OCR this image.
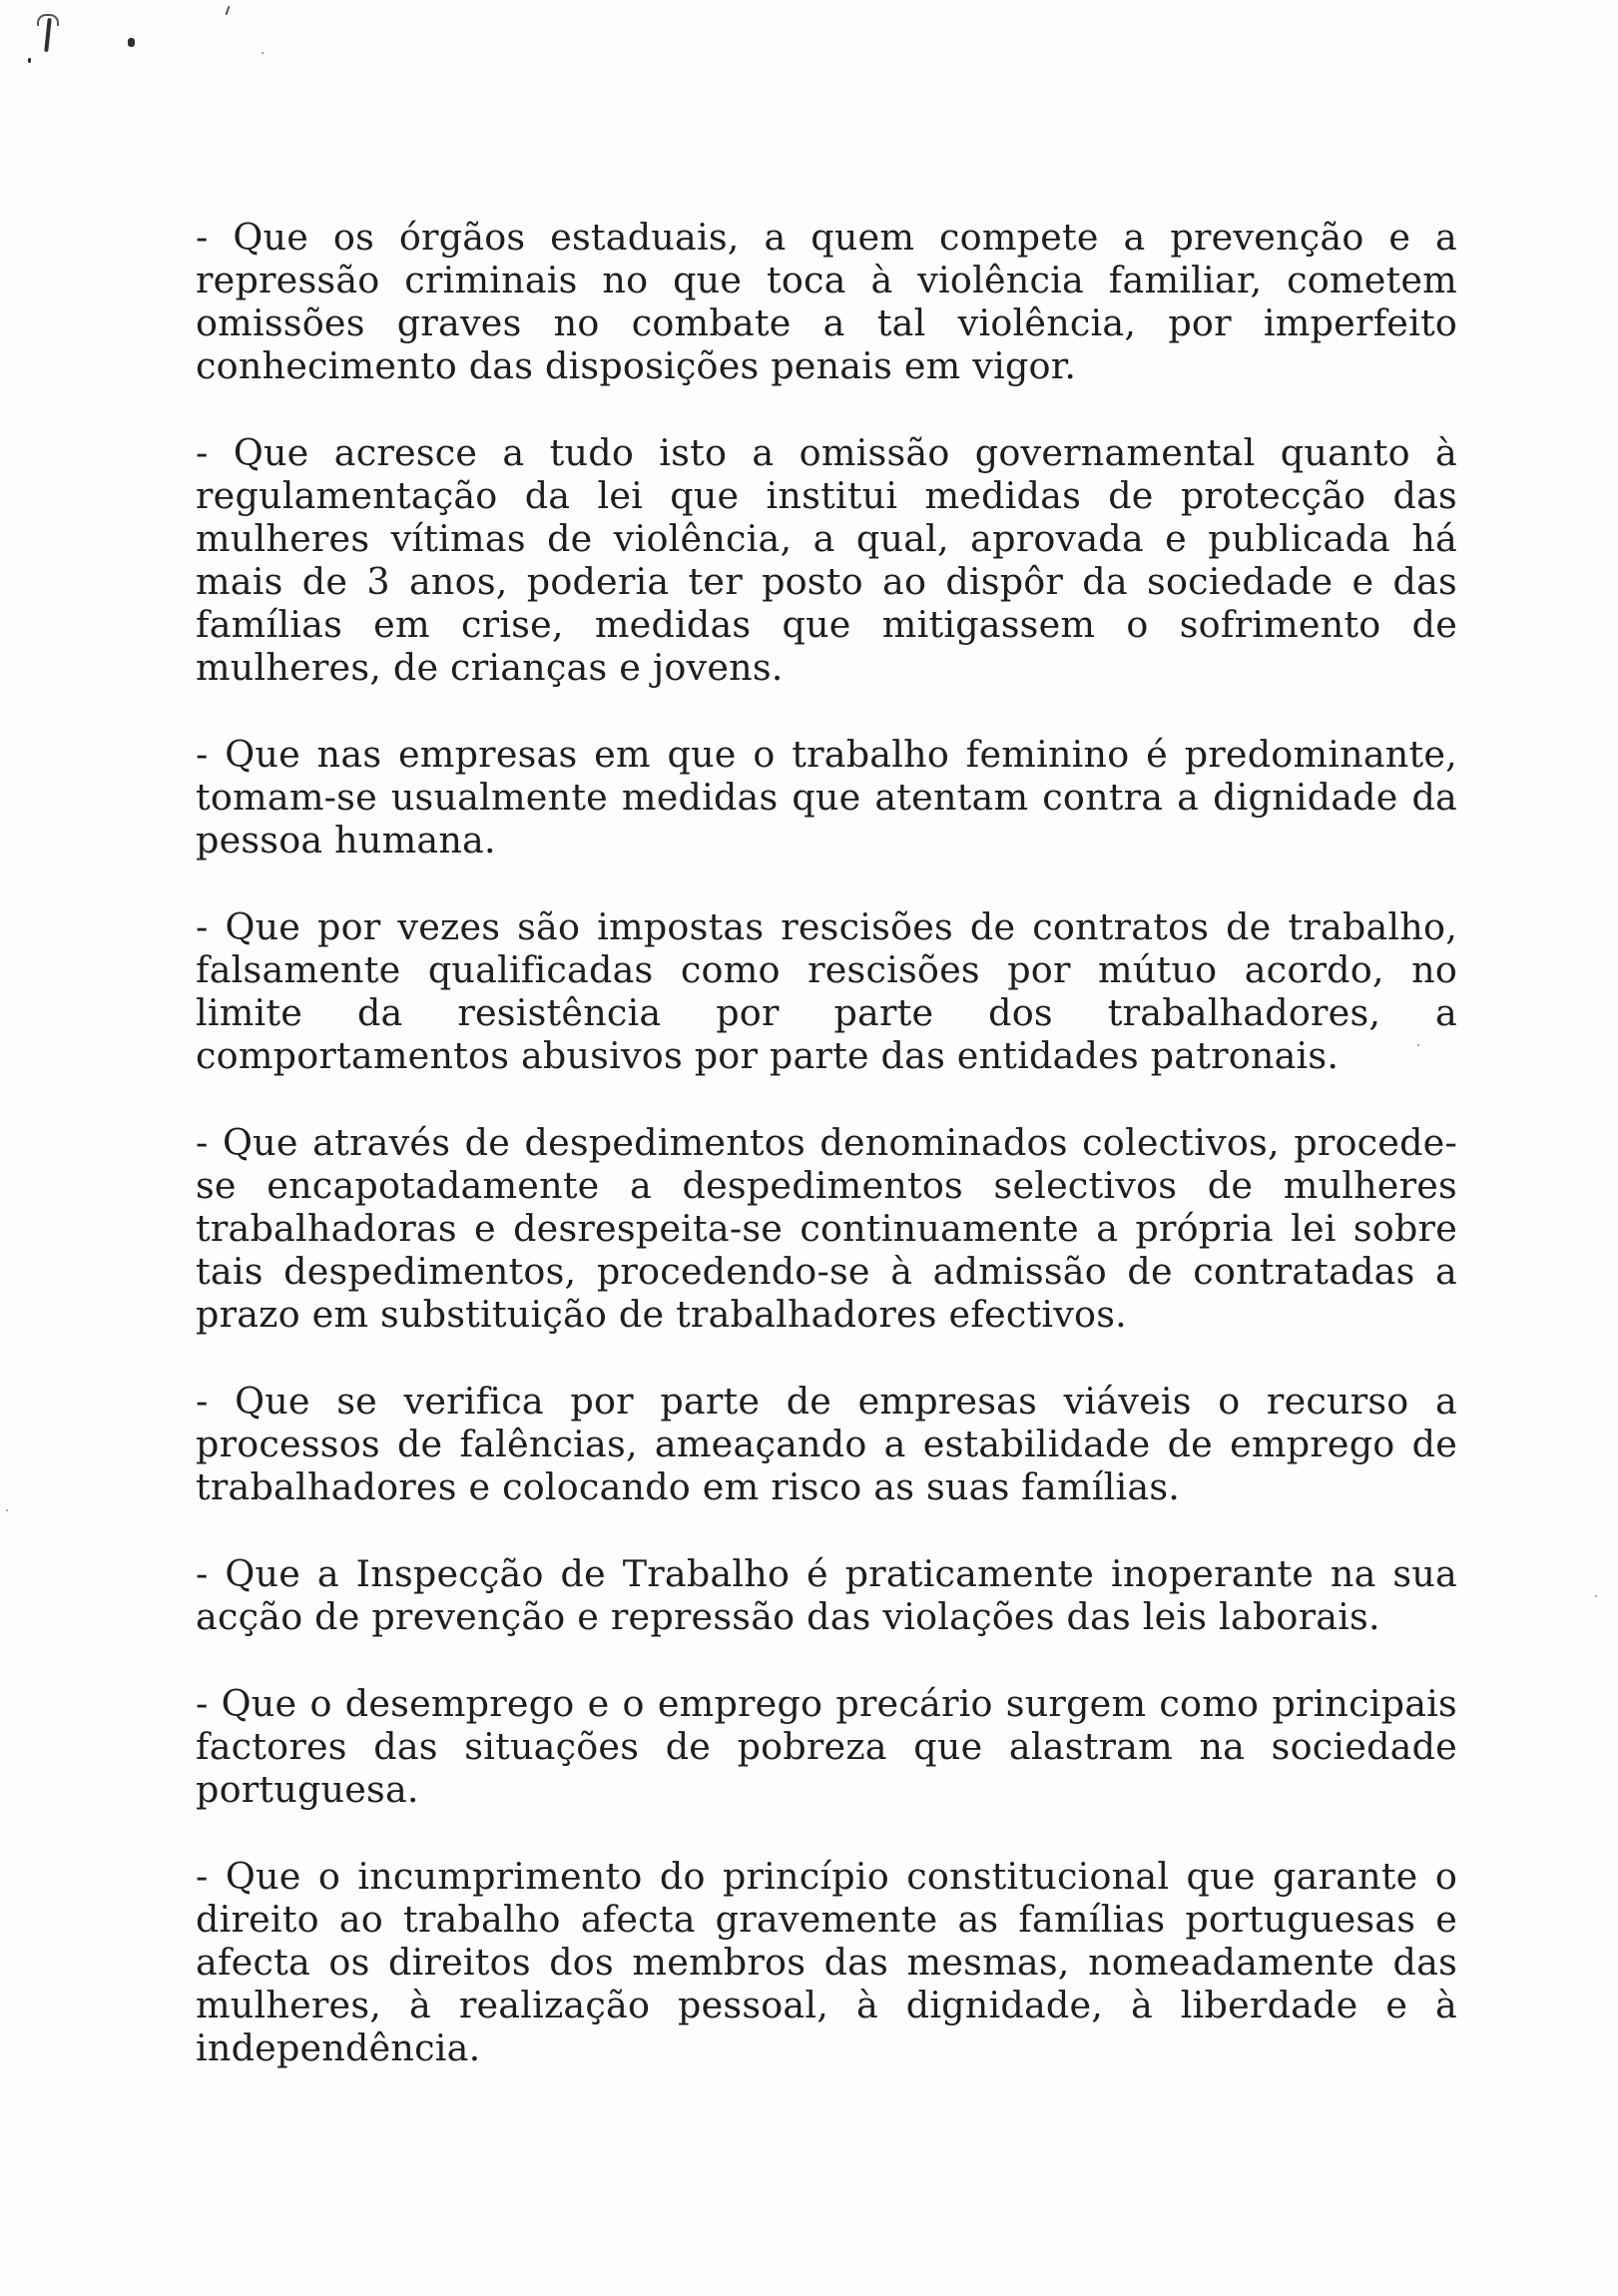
- Que os órgãos estaduais, a quem compete a prevenção e a repressão criminais no que toca à violência familiar, cometem omissões graves no combate a tal violência, por imperfeito conhecimento das disposições penais em vigor.

- Que acresce a tudo isto a omissão governamental quanto à regulamentação da lei que institui medidas de protecção das mulheres vítimas de violência, a qual, aprovada e publicada há mais de 3 anos, poderia ter posto ao dispôr da sociedade e das famílias em crise, medidas que mitigassem o sofrimento de mulheres, de crianças e jovens.

- Que nas empresas em que o trabalho feminino é predominante, tomam-se usualmente medidas que atentam contra a dignidade da pessoa humana.

- Que por vezes são impostas rescisões de contratos de trabalho, falsamente qualificadas como rescisões por mútuo acordo, no limite da resistência por parte dos trabalhadores, a comportamentos abusivos por parte das entidades patronais.

- Que através de despedimentos denominados colectivos, procede-se encapotadamente a despedimentos selectivos de mulheres trabalhadoras e desrespeita-se continuamente a própria lei sobre tais despedimentos, procedendo-se à admissão de contratadas a prazo em substituição de trabalhadores efectivos.

- Que se verifica por parte de empresas viáveis o recurso a processos de falências, ameaçando a estabilidade de emprego de trabalhadores e colocando em risco as suas famílias.

- Que a Inspecção de Trabalho é praticamente inoperante na sua acção de prevenção e repressão das violações das leis laborais.

- Que o desemprego e o emprego precário surgem como principais factores das situações de pobreza que alastram na sociedade portuguesa.

- Que o incumprimento do princípio constitucional que garante o direito ao trabalho afecta gravemente as famílias portuguesas e afecta os direitos dos membros das mesmas, nomeadamente das mulheres, à realização pessoal, à dignidade, à liberdade e à independência.
